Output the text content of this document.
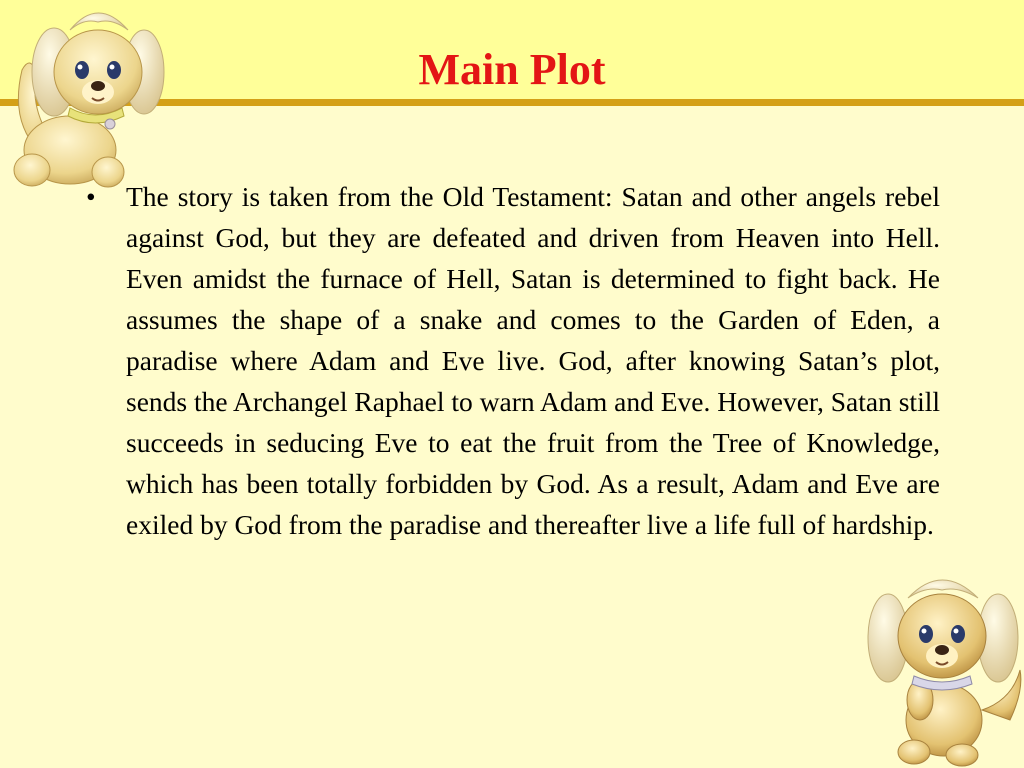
Main Plot
• The story is taken from the Old Testament: Satan and other angels rebel against God, but they are defeated and driven from Heaven into Hell. Even amidst the furnace of Hell, Satan is determined to fight back. He assumes the shape of a snake and comes to the Garden of Eden, a paradise where Adam and Eve live. God, after knowing Satan’s plot, sends the Archangel Raphael to warn Adam and Eve. However, Satan still succeeds in seducing Eve to eat the fruit from the Tree of Knowledge, which has been totally forbidden by God. As a result, Adam and Eve are exiled by God from the paradise and thereafter live a life full of hardship.
